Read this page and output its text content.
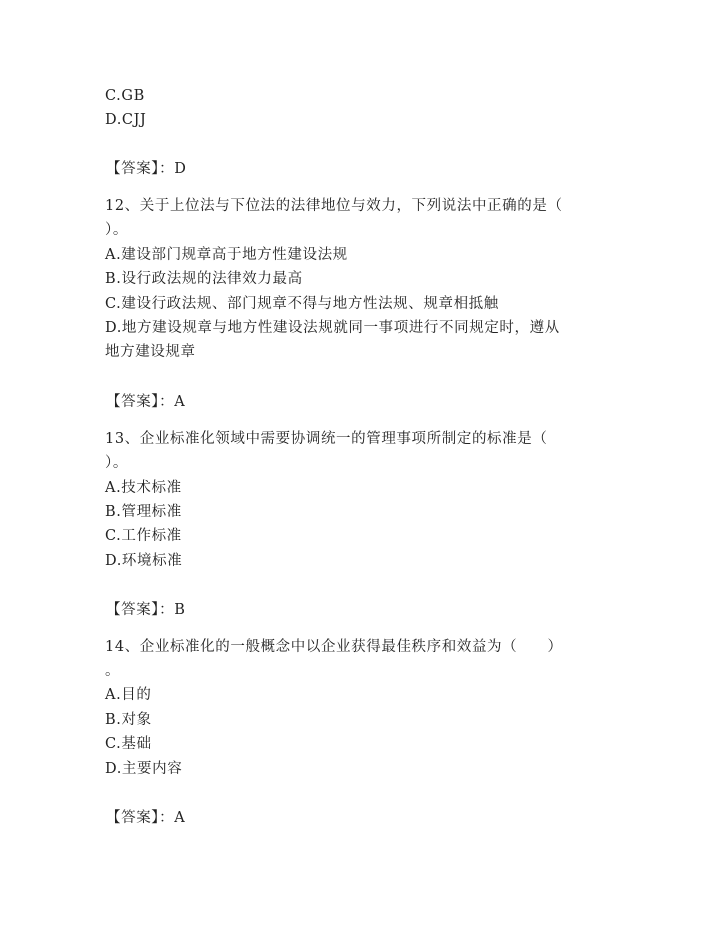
C.GB
D.CJJ
【答案】：D
12、关于上位法与下位法的法律地位与效力，下列说法中正确的是（
）。
A.建设部门规章高于地方性建设法规
B.设行政法规的法律效力最高
C.建设行政法规、部门规章不得与地方性法规、规章相抵触
D.地方建设规章与地方性建设法规就同一事项进行不同规定时，遵从
地方建设规章
【答案】：A
13、企业标准化领域中需要协调统一的管理事项所制定的标准是（
）。
A.技术标准
B.管理标准
C.工作标准
D.环境标准
【答案】：B
14、企业标准化的一般概念中以企业获得最佳秩序和效益为（　　）
。
A.目的
B.对象
C.基础
D.主要内容
【答案】：A
